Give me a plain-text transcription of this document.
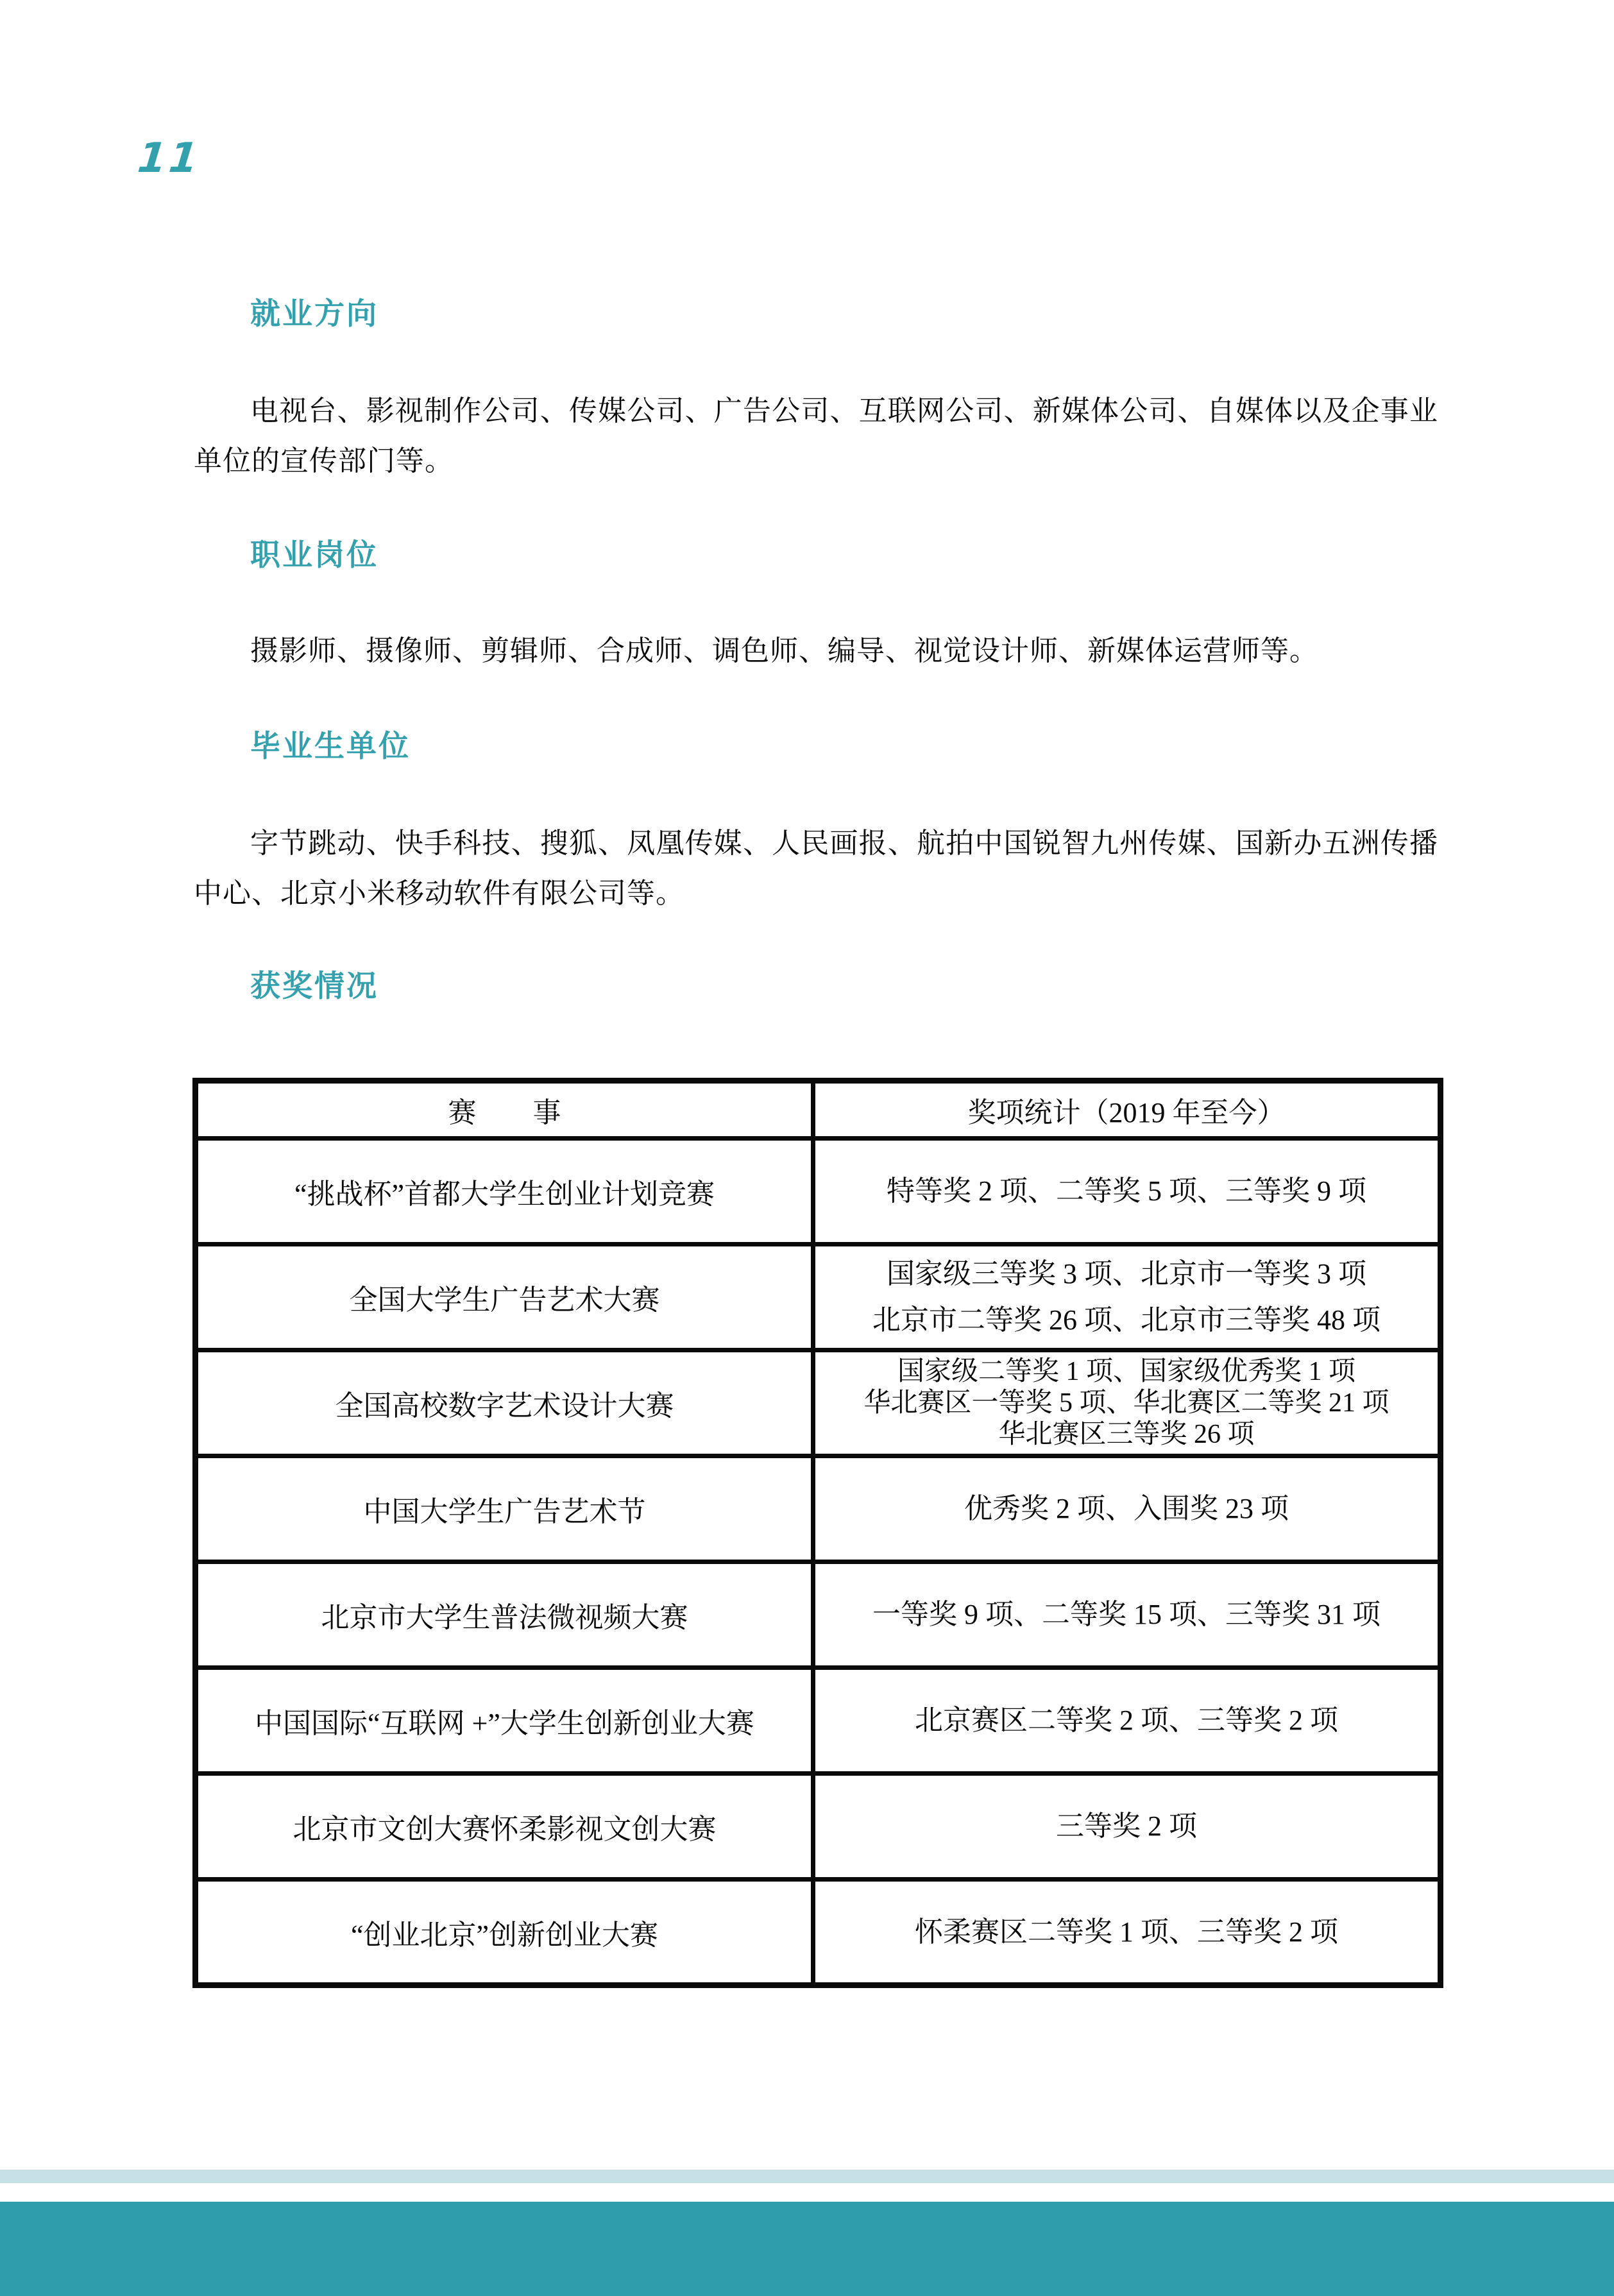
11
就业方向

电视台、影视制作公司、传媒公司、广告公司、互联网公司、新媒体公司、自媒体以及企事业单位的宣传部门等。

职业岗位

摄影师、摄像师、剪辑师、合成师、调色师、编导、视觉设计师、新媒体运营师等。

毕业生单位

字节跳动、快手科技、搜狐、凤凰传媒、人民画报、航拍中国锐智九州传媒、国新办五洲传播中心、北京小米移动软件有限公司等。

获奖情况
赛　　事	奖项统计（2019 年至今）
“挑战杯”首都大学生创业计划竞赛	特等奖 2 项、二等奖 5 项、三等奖 9 项

全国大学生广告艺术大赛	国家级三等奖 3 项、北京市一等奖 3 项
北京市二等奖 26 项、北京市三等奖 48 项

全国高校数字艺术设计大赛	国家级二等奖 1 项、国家级优秀奖 1 项
华北赛区一等奖 5 项、华北赛区二等奖 21 项
华北赛区三等奖 26 项

中国大学生广告艺术节	优秀奖 2 项、入围奖 23 项

北京市大学生普法微视频大赛	一等奖 9 项、二等奖 15 项、三等奖 31 项

中国国际“互联网 +”大学生创新创业大赛	北京赛区二等奖 2 项、三等奖 2 项

北京市文创大赛怀柔影视文创大赛	三等奖 2 项

“创业北京”创新创业大赛	怀柔赛区二等奖 1 项、三等奖 2 项
